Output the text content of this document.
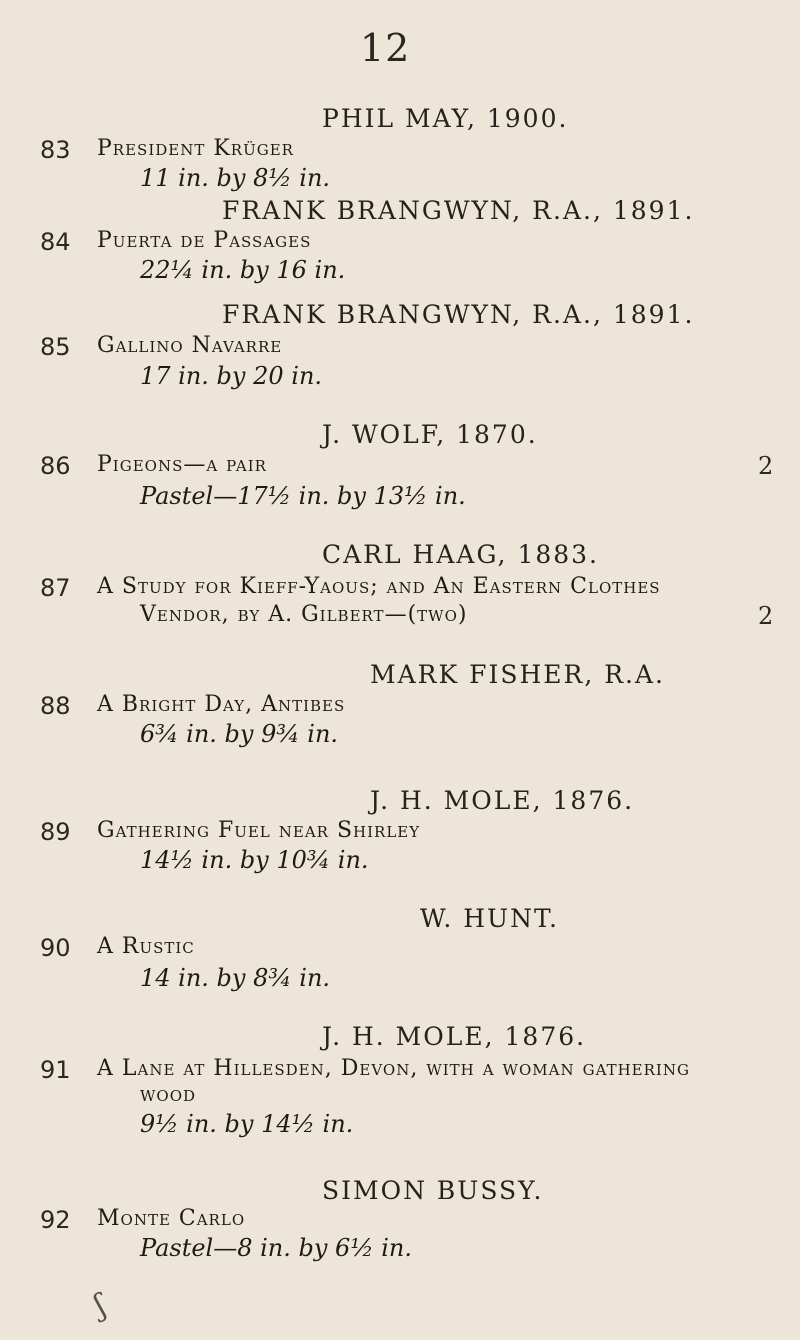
12
PHIL MAY, 1900.
83 President Krüger
11 in. by 8½ in.
FRANK BRANGWYN, R.A., 1891.
84 Puerta de Passages
22¼ in. by 16 in.
FRANK BRANGWYN, R.A., 1891.
85 Gallino Navarre
17 in. by 20 in.
J. WOLF, 1870.
86 Pigeons—a pair	2
Pastel—17½ in. by 13½ in.
CARL HAAG, 1883.
87 A Study for Kieff-Yaous; and An Eastern Clothes
Vendor, by A. Gilbert—(two)	2
MARK FISHER, R.A.
88 A Bright Day, Antibes
6¾ in. by 9¾ in.
J. H. MOLE, 1876.
89 Gathering Fuel near Shirley
14½ in. by 10¾ in.
W. HUNT.
90 A Rustic
14 in. by 8¾ in.
J. H. MOLE, 1876.
91 A Lane at Hillesden, Devon, with a woman gathering
wood
9½ in. by 14½ in.
SIMON BUSSY.
92 Monte Carlo
Pastel—8 in. by 6½ in.
ʃ
